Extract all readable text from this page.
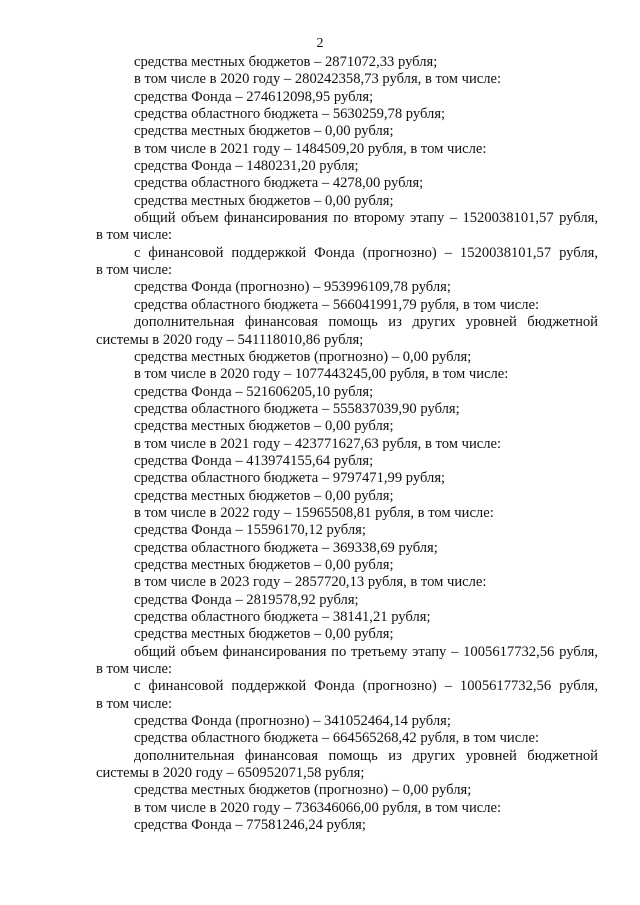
2
средства местных бюджетов – 2871072,33 рубля;
в том числе в 2020 году – 280242358,73 рубля, в том числе:
средства Фонда – 274612098,95 рубля;
средства областного бюджета – 5630259,78 рубля;
средства местных бюджетов – 0,00 рубля;
в том числе в 2021 году – 1484509,20 рубля, в том числе:
средства Фонда – 1480231,20 рубля;
средства областного бюджета – 4278,00 рубля;
средства местных бюджетов – 0,00 рубля;
общий объем финансирования по второму этапу – 1520038101,57 рубля,
в том числе:
с финансовой поддержкой Фонда (прогнозно) – 1520038101,57 рубля,
в том числе:
средства Фонда (прогнозно) – 953996109,78 рубля;
средства областного бюджета – 566041991,79 рубля, в том числе:
дополнительная финансовая помощь из других уровней бюджетной
системы в 2020 году – 541118010,86 рубля;
средства местных бюджетов (прогнозно) – 0,00 рубля;
в том числе в 2020 году – 1077443245,00 рубля, в том числе:
средства Фонда – 521606205,10 рубля;
средства областного бюджета – 555837039,90 рубля;
средства местных бюджетов – 0,00 рубля;
в том числе в 2021 году – 423771627,63 рубля, в том числе:
средства Фонда – 413974155,64 рубля;
средства областного бюджета – 9797471,99 рубля;
средства местных бюджетов – 0,00 рубля;
в том числе в 2022 году – 15965508,81 рубля, в том числе:
средства Фонда – 15596170,12 рубля;
средства областного бюджета – 369338,69 рубля;
средства местных бюджетов – 0,00 рубля;
в том числе в 2023 году – 2857720,13 рубля, в том числе:
средства Фонда – 2819578,92 рубля;
средства областного бюджета – 38141,21 рубля;
средства местных бюджетов – 0,00 рубля;
общий объем финансирования по третьему этапу – 1005617732,56 рубля,
в том числе:
с финансовой поддержкой Фонда (прогнозно) – 1005617732,56 рубля,
в том числе:
средства Фонда (прогнозно) – 341052464,14 рубля;
средства областного бюджета – 664565268,42 рубля, в том числе:
дополнительная финансовая помощь из других уровней бюджетной
системы в 2020 году – 650952071,58 рубля;
средства местных бюджетов (прогнозно) – 0,00 рубля;
в том числе в 2020 году – 736346066,00 рубля, в том числе:
средства Фонда – 77581246,24 рубля;
